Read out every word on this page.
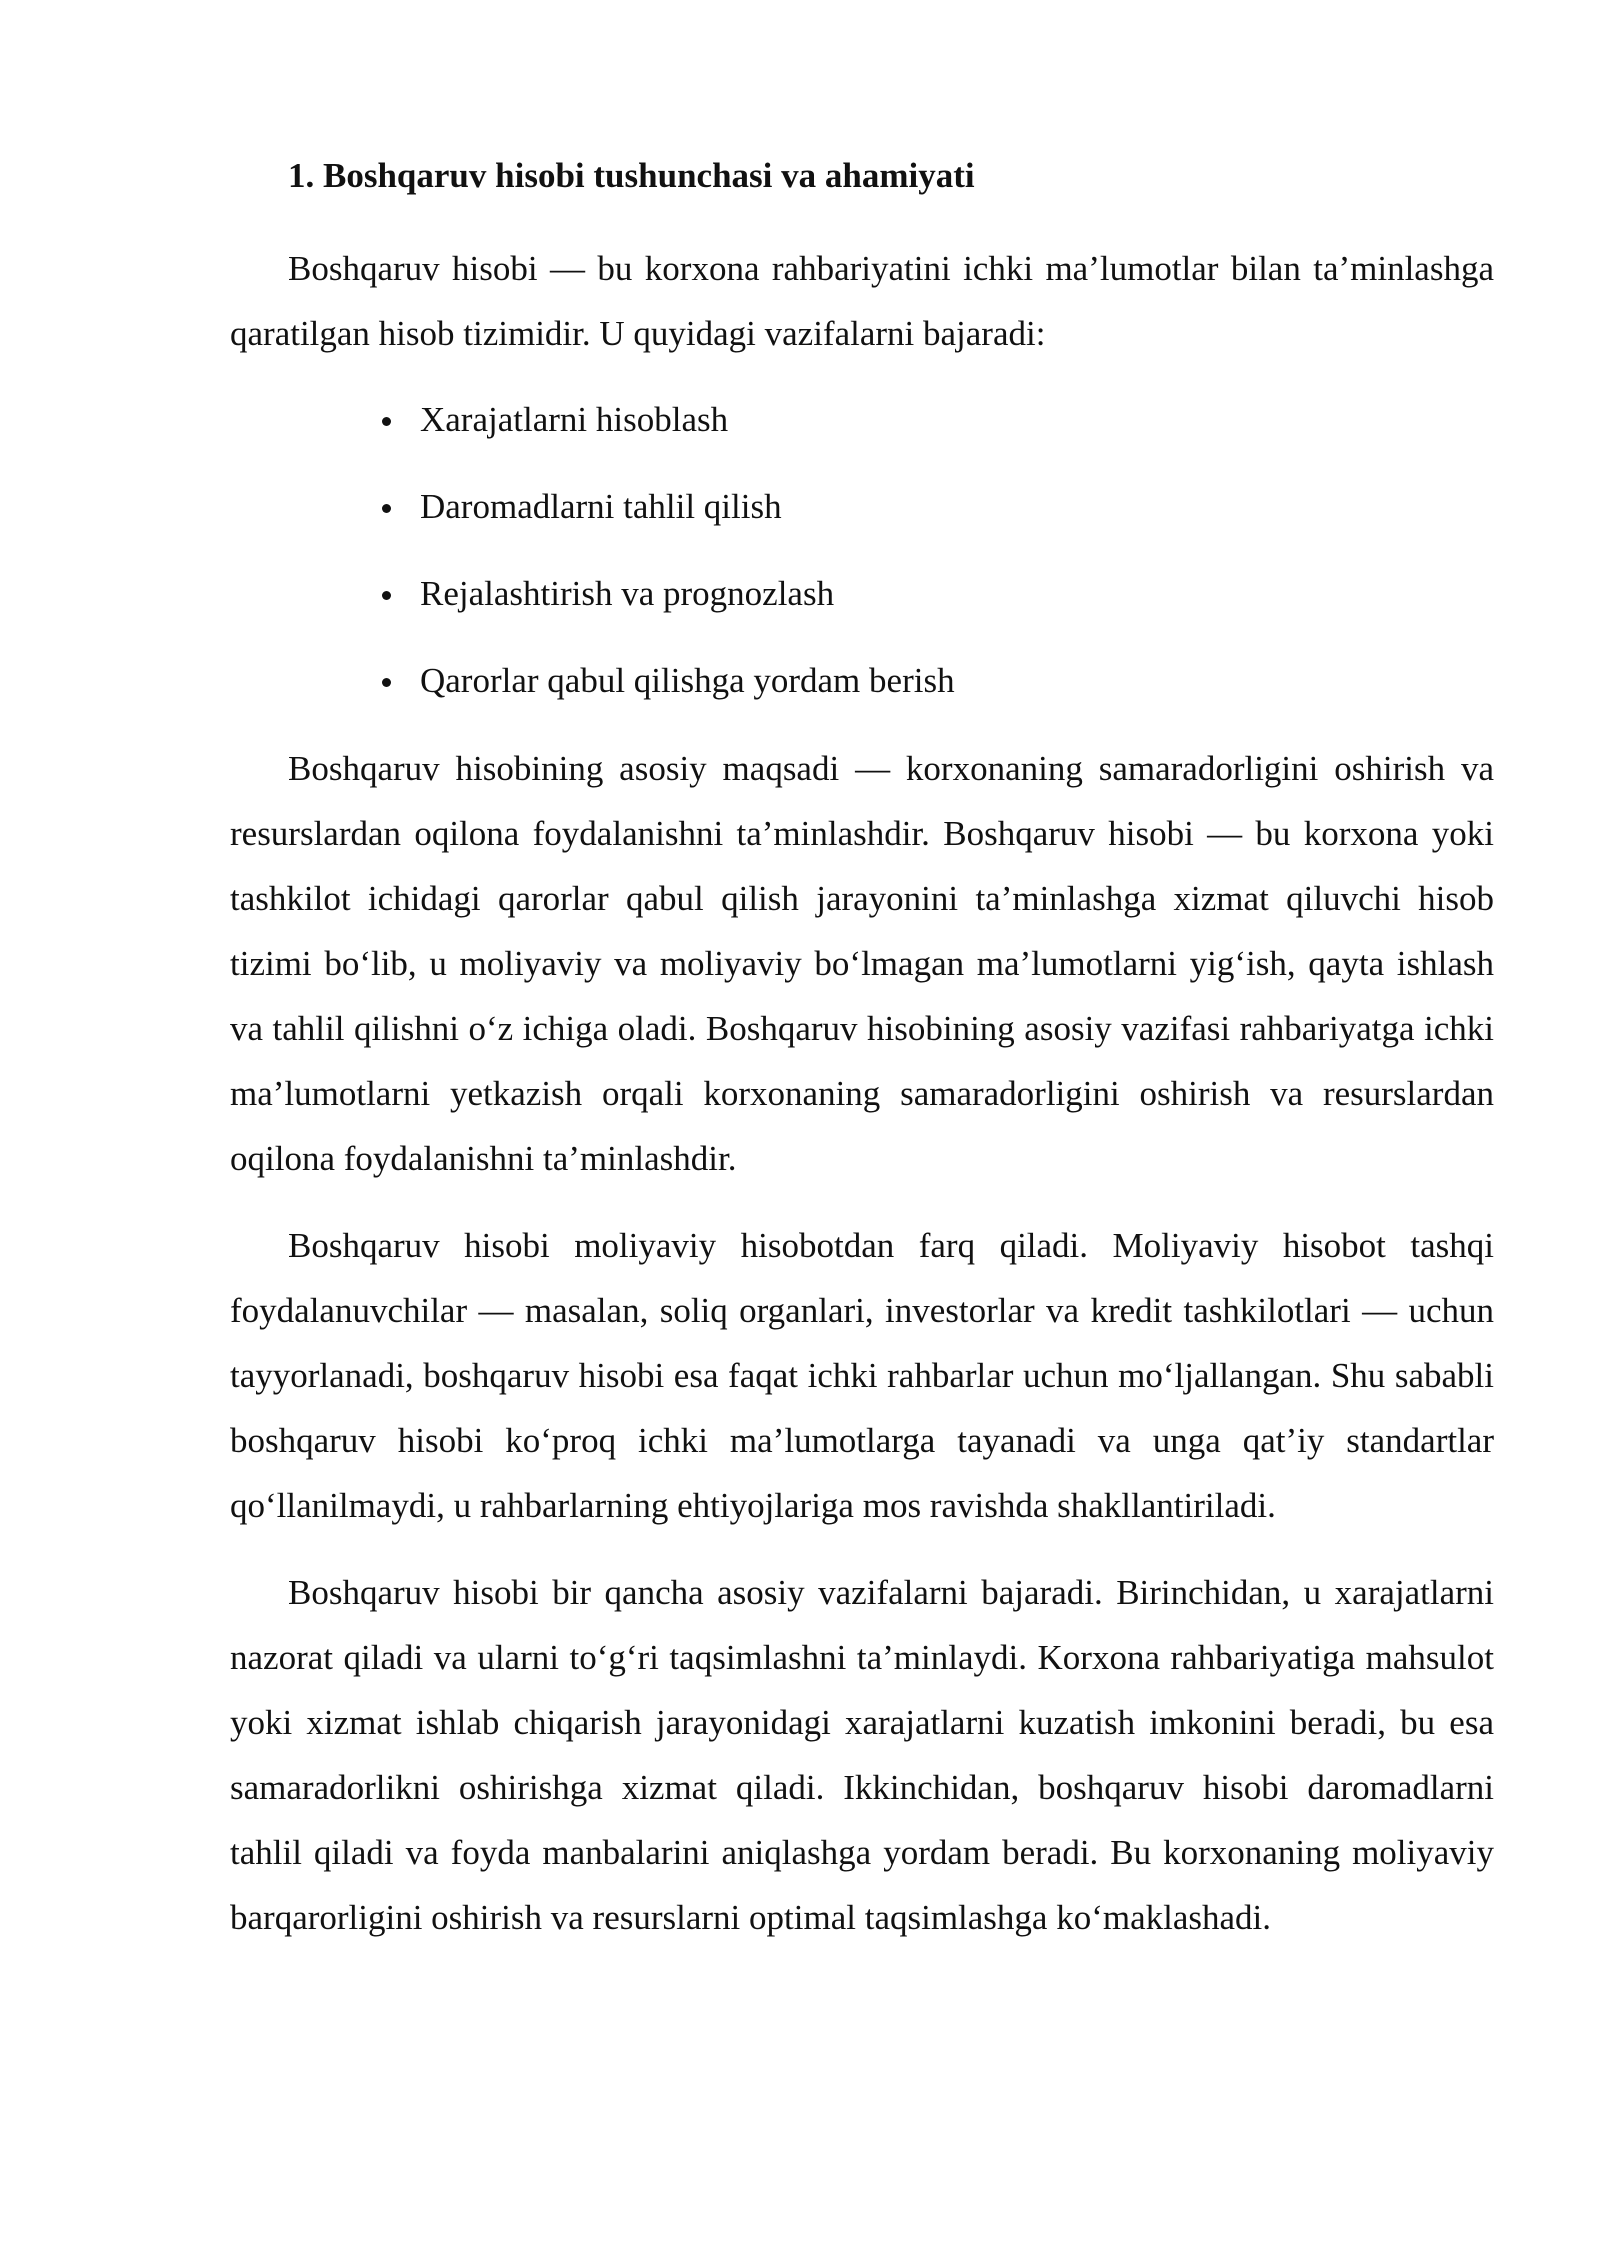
1. Boshqaruv hisobi tushunchasi va ahamiyati

Boshqaruv hisobi — bu korxona rahbariyatini ichki ma’lumotlar bilan ta’minlashga qaratilgan hisob tizimidir. U quyidagi vazifalarni bajaradi:

Xarajatlarni hisoblash
Daromadlarni tahlil qilish
Rejalashtirish va prognozlash
Qarorlar qabul qilishga yordam berish

Boshqaruv hisobining asosiy maqsadi — korxonaning samaradorligini oshirish va resurslardan oqilona foydalanishni ta’minlashdir. Boshqaruv hisobi — bu korxona yoki tashkilot ichidagi qarorlar qabul qilish jarayonini ta’minlashga xizmat qiluvchi hisob tizimi bo‘lib, u moliyaviy va moliyaviy bo‘lmagan ma’lumotlarni yig‘ish, qayta ishlash va tahlil qilishni o‘z ichiga oladi. Boshqaruv hisobining asosiy vazifasi rahbariyatga ichki ma’lumotlarni yetkazish orqali korxonaning samaradorligini oshirish va resurslardan oqilona foydalanishni ta’minlashdir.

Boshqaruv hisobi moliyaviy hisobotdan farq qiladi. Moliyaviy hisobot tashqi foydalanuvchilar — masalan, soliq organlari, investorlar va kredit tashkilotlari — uchun tayyorlanadi, boshqaruv hisobi esa faqat ichki rahbarlar uchun mo‘ljallangan. Shu sababli boshqaruv hisobi ko‘proq ichki ma’lumotlarga tayanadi va unga qat’iy standartlar qo‘llanilmaydi, u rahbarlarning ehtiyojlariga mos ravishda shakllantiriladi.

Boshqaruv hisobi bir qancha asosiy vazifalarni bajaradi. Birinchidan, u xarajatlarni nazorat qiladi va ularni to‘g‘ri taqsimlashni ta’minlaydi. Korxona rahbariyatiga mahsulot yoki xizmat ishlab chiqarish jarayonidagi xarajatlarni kuzatish imkonini beradi, bu esa samaradorlikni oshirishga xizmat qiladi. Ikkinchidan, boshqaruv hisobi daromadlarni tahlil qiladi va foyda manbalarini aniqlashga yordam beradi. Bu korxonaning moliyaviy barqarorligini oshirish va resurslarni optimal taqsimlashga ko‘maklashadi.
